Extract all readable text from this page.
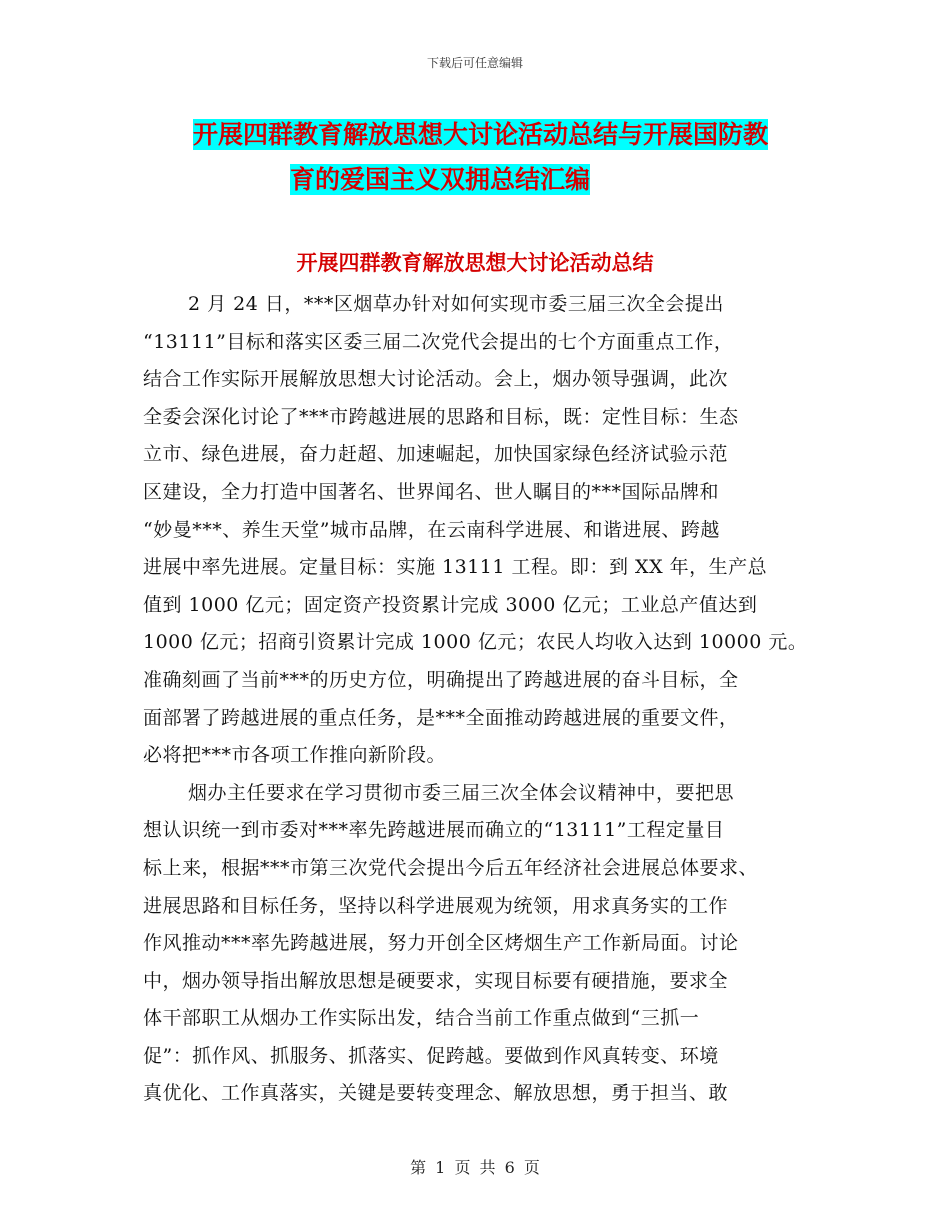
下载后可任意编辑
开展四群教育解放思想大讨论活动总结与开展国防教
育的爱国主义双拥总结汇编
开展四群教育解放思想大讨论活动总结
2 月 24 日，***区烟草办针对如何实现市委三届三次全会提出
“13111”目标和落实区委三届二次党代会提出的七个方面重点工作，
结合工作实际开展解放思想大讨论活动。会上，烟办领导强调，此次
全委会深化讨论了***市跨越进展的思路和目标，既：定性目标：生态
立市、绿色进展，奋力赶超、加速崛起，加快国家绿色经济试验示范
区建设，全力打造中国著名、世界闻名、世人瞩目的***国际品牌和
“妙曼***、养生天堂”城市品牌，在云南科学进展、和谐进展、跨越
进展中率先进展。定量目标：实施 13111 工程。即：到 XX 年，生产总
值到 1000 亿元；固定资产投资累计完成 3000 亿元；工业总产值达到
1000 亿元；招商引资累计完成 1000 亿元；农民人均收入达到 10000 元。
准确刻画了当前***的历史方位，明确提出了跨越进展的奋斗目标，全
面部署了跨越进展的重点任务，是***全面推动跨越进展的重要文件，
必将把***市各项工作推向新阶段。
烟办主任要求在学习贯彻市委三届三次全体会议精神中，要把思
想认识统一到市委对***率先跨越进展而确立的“13111”工程定量目
标上来，根据***市第三次党代会提出今后五年经济社会进展总体要求、
进展思路和目标任务，坚持以科学进展观为统领，用求真务实的工作
作风推动***率先跨越进展，努力开创全区烤烟生产工作新局面。讨论
中，烟办领导指出解放思想是硬要求，实现目标要有硬措施，要求全
体干部职工从烟办工作实际出发，结合当前工作重点做到“三抓一
促”：抓作风、抓服务、抓落实、促跨越。要做到作风真转变、环境
真优化、工作真落实，关键是要转变理念、解放思想，勇于担当、敢
第 1 页 共 6 页
